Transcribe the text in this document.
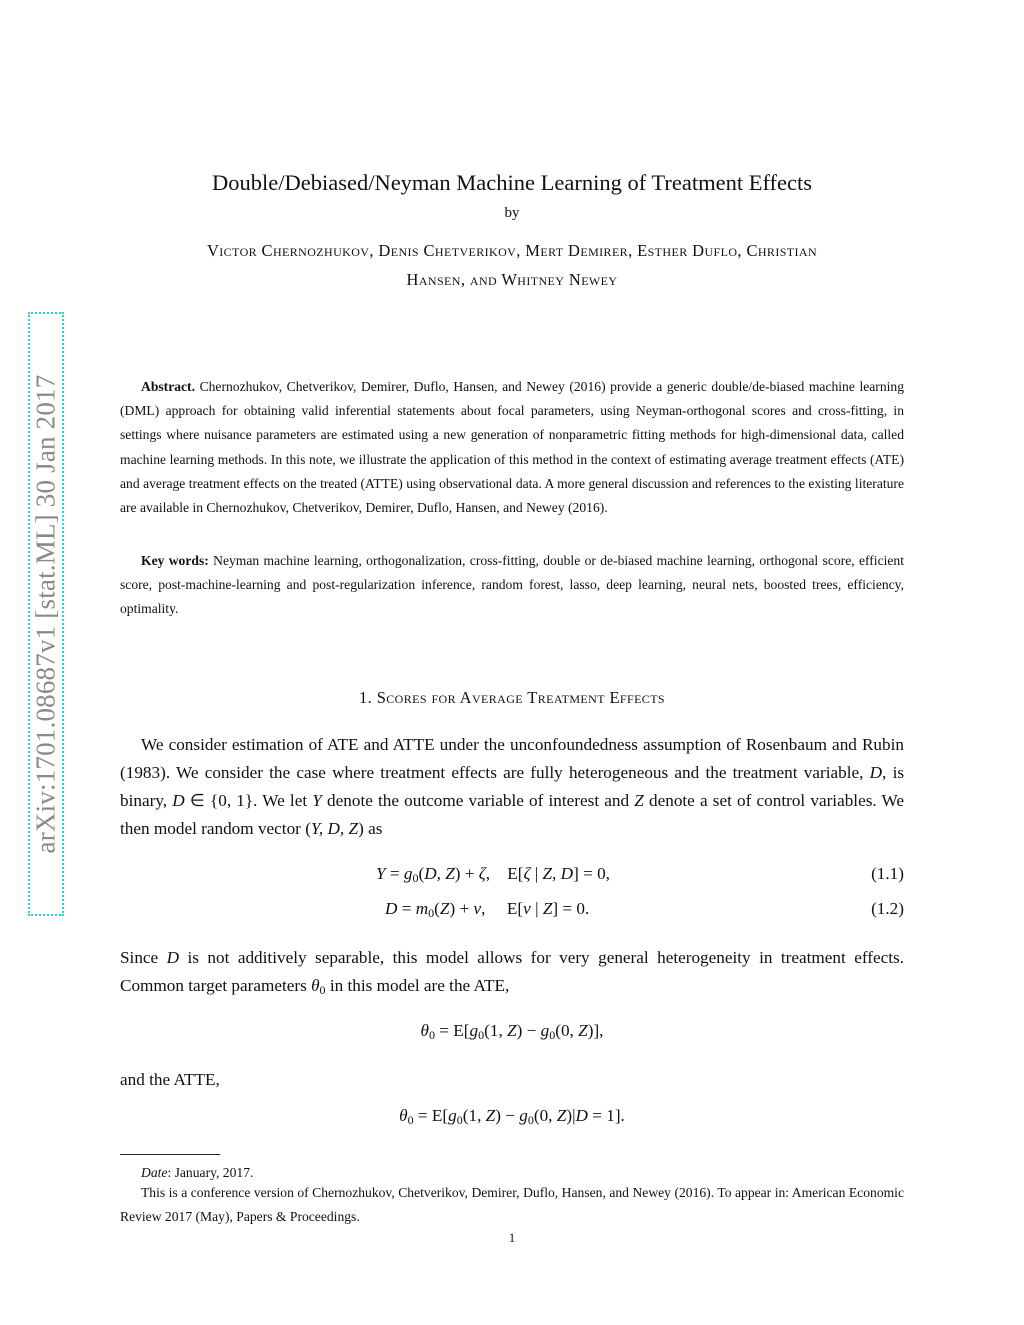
arXiv:1701.08687v1 [stat.ML] 30 Jan 2017
Double/Debiased/Neyman Machine Learning of Treatment Effects
by
Victor Chernozhukov, Denis Chetverikov, Mert Demirer, Esther Duflo, Christian
Hansen, and Whitney Newey
Abstract. Chernozhukov, Chetverikov, Demirer, Duflo, Hansen, and Newey (2016) provide a generic double/de-biased machine learning (DML) approach for obtaining valid inferential statements about focal parameters, using Neyman-orthogonal scores and cross-fitting, in settings where nuisance parameters are estimated using a new generation of nonparametric fitting methods for high-dimensional data, called machine learning methods. In this note, we illustrate the application of this method in the context of estimating average treatment effects (ATE) and average treatment effects on the treated (ATTE) using observational data. A more general discussion and references to the existing literature are available in Chernozhukov, Chetverikov, Demirer, Duflo, Hansen, and Newey (2016).
Key words: Neyman machine learning, orthogonalization, cross-fitting, double or de-biased machine learning, orthogonal score, efficient score, post-machine-learning and post-regularization inference, random forest, lasso, deep learning, neural nets, boosted trees, efficiency, optimality.
1. Scores for Average Treatment Effects
We consider estimation of ATE and ATTE under the unconfoundedness assumption of Rosenbaum and Rubin (1983). We consider the case where treatment effects are fully heterogeneous and the treatment variable, D, is binary, D ∈ {0, 1}. We let Y denote the outcome variable of interest and Z denote a set of control variables. We then model random vector (Y, D, Z) as
$Y = g_0(D$, Z) + ζ,    E[ζ | Z, D] = 0,	(1.1)
$D = m_0(Z) + \nu$,     E[ν | Z] = 0.	(1.2)
Since D is not additively separable, this model allows for very general heterogeneity in treatment effects. Common target parameters $\theta_0$ in this model are the ATE,
$\theta_0 = E[g_0(1$, $Z) - g_0(0$, Z)],
and the ATTE,
$\theta_0 = E[g_0(1$, $Z) - g_0(0$, Z)|D = 1].
Date: January, 2017.
This is a conference version of Chernozhukov, Chetverikov, Demirer, Duflo, Hansen, and Newey (2016). To appear in: American Economic Review 2017 (May), Papers & Proceedings.
1
